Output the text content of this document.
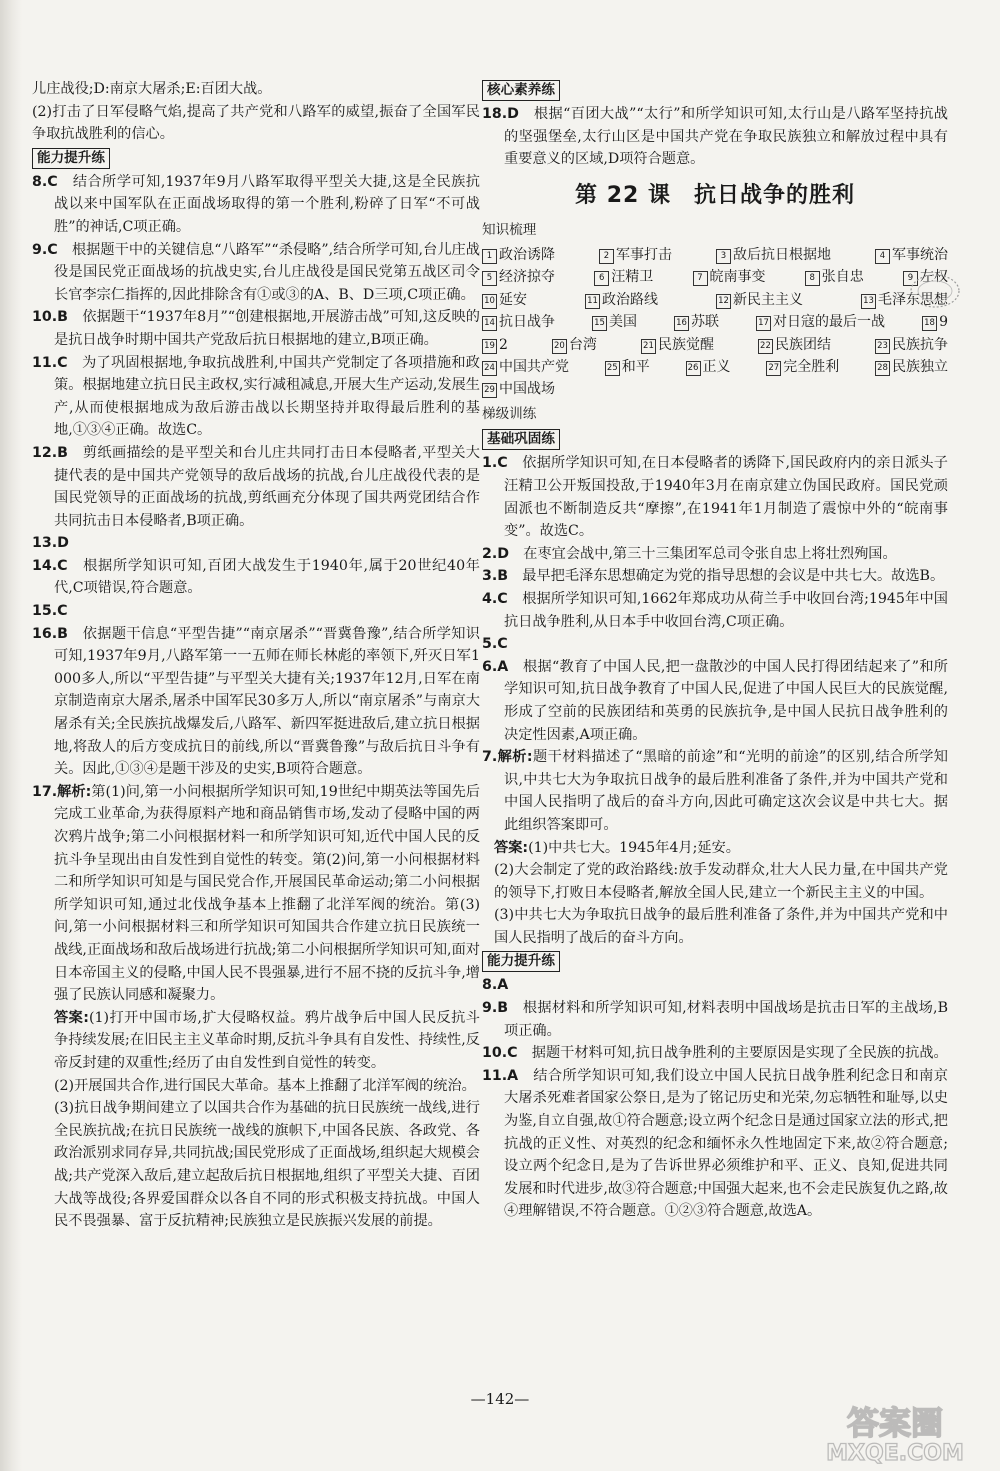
儿庄战役;D:南京大屠杀;E:百团大战。

(2)打击了日军侵略气焰,提高了共产党和八路军的威望,振奋了全国军民争取抗战胜利的信心。

能力提升练

8.C　 结合所学可知,1937年9月八路军取得平型关大捷,这是全民族抗战以来中国军队在正面战场取得的第一个胜利,粉碎了日军“不可战胜”的神话,C项正确。

9.C　 根据题干中的关键信息“八路军”“杀侵略”,结合所学可知,台儿庄战役是国民党正面战场的抗战史实,台儿庄战役是国民党第五战区司令长官李宗仁指挥的,因此排除含有①或③的A、B、D三项,C项正确。

10.B　 依据题干“1937年8月”“创建根据地,开展游击战”可知,这反映的是抗日战争时期中国共产党敌后抗日根据地的建立,B项正确。

11.C　 为了巩固根据地,争取抗战胜利,中国共产党制定了各项措施和政策。根据地建立抗日民主政权,实行减租减息,开展大生产运动,发展生产,从而使根据地成为敌后游击战以长期坚持并取得最后胜利的基地,①③④正确。故选C。

12.B　 剪纸画描绘的是平型关和台儿庄共同打击日本侵略者,平型关大捷代表的是中国共产党领导的敌后战场的抗战,台儿庄战役代表的是国民党领导的正面战场的抗战,剪纸画充分体现了国共两党团结合作共同抗击日本侵略者,B项正确。

13.D

14.C　 根据所学知识可知,百团大战发生于1940年,属于20世纪40年代,C项错误,符合题意。

15.C

16.B　 依据题干信息“平型告捷”“南京屠杀”“晋冀鲁豫”,结合所学知识可知,1937年9月,八路军第一一五师在师长林彪的率领下,歼灭日军1 000多人,所以“平型告捷”与平型关大捷有关;1937年12月,日军在南京制造南京大屠杀,屠杀中国军民30多万人,所以“南京屠杀”与南京大屠杀有关;全民族抗战爆发后,八路军、新四军挺进敌后,建立抗日根据地,将敌人的后方变成抗日的前线,所以“晋冀鲁豫”与敌后抗日斗争有关。因此,①③④是题干涉及的史实,B项符合题意。

17.解析:第(1)问,第一小问根据所学知识可知,19世纪中期英法等国先后完成工业革命,为获得原料产地和商品销售市场,发动了侵略中国的两次鸦片战争;第二小问根据材料一和所学知识可知,近代中国人民的反抗斗争呈现出由自发性到自觉性的转变。第(2)问,第一小问根据材料二和所学知识可知是与国民党合作,开展国民革命运动;第二小问根据所学知识可知,通过北伐战争基本上推翻了北洋军阀的统治。第(3)问,第一小问根据材料三和所学知识可知国共合作建立抗日民族统一战线,正面战场和敌后战场进行抗战;第二小问根据所学知识可知,面对日本帝国主义的侵略,中国人民不畏强暴,进行不屈不挠的反抗斗争,增强了民族认同感和凝聚力。

答案:(1)打开中国市场,扩大侵略权益。鸦片战争后中国人民反抗斗争持续发展;在旧民主主义革命时期,反抗斗争具有自发性、持续性,反帝反封建的双重性;经历了由自发性到自觉性的转变。

(2)开展国共合作,进行国民大革命。基本上推翻了北洋军阀的统治。

(3)抗日战争期间建立了以国共合作为基础的抗日民族统一战线,进行全民族抗战;在抗日民族统一战线的旗帜下,中国各民族、各政党、各政治派别求同存异,共同抗战;国民党形成了正面战场,组织起大规模会战;共产党深入敌后,建立起敌后抗日根据地,组织了平型关大捷、百团大战等战役;各界爱国群众以各自不同的形式积极支持抗战。中国人民不畏强暴、富于反抗精神;民族独立是民族振兴发展的前提。

核心素养练

18.D　 根据“百团大战”“太行”和所学知识可知,太行山是八路军坚持抗战的坚强堡垒,太行山区是中国共产党在争取民族独立和解放过程中具有重要意义的区域,D项符合题意。

第 22 课　抗日战争的胜利
知识梳理
1 政治诱降	2 军事打击	3 敌后抗日根据地	4 军事统治
5 经济掠夺	6 汪精卫	7 皖南事变	8 张自忠	9 左权
10 延安	11 政治路线	12 新民主主义	13 毛泽东思想
14 抗日战争	15 美国	16 苏联	17 对日寇的最后一战	18 9
19 2	20 台湾	21 民族觉醒	22 民族团结	23 民族抗争
24 中国共产党	25 和平	26 正义	27 完全胜利	28 民族独立
29 中国战场
梯级训练
基础巩固练

1.C　 依据所学知识可知,在日本侵略者的诱降下,国民政府内的亲日派头子汪精卫公开叛国投敌,于1940年3月在南京建立伪国民政府。国民党顽固派也不断制造反共“摩擦”,在1941年1月制造了震惊中外的“皖南事变”。故选C。

2.D　 在枣宜会战中,第三十三集团军总司令张自忠上将壮烈殉国。

3.B　 最早把毛泽东思想确定为党的指导思想的会议是中共七大。故选B。

4.C　 根据所学知识可知,1662年郑成功从荷兰手中收回台湾;1945年中国抗日战争胜利,从日本手中收回台湾,C项正确。

5.C

6.A　 根据“教育了中国人民,把一盘散沙的中国人民打得团结起来了”和所学知识可知,抗日战争教育了中国人民,促进了中国人民巨大的民族觉醒,形成了空前的民族团结和英勇的民族抗争,是中国人民抗日战争胜利的决定性因素,A项正确。

7.解析:题干材料描述了“黑暗的前途”和“光明的前途”的区别,结合所学知识,中共七大为争取抗日战争的最后胜利准备了条件,并为中国共产党和中国人民指明了战后的奋斗方向,因此可确定这次会议是中共七大。据此组织答案即可。

答案:(1)中共七大。1945年4月;延安。

(2)大会制定了党的政治路线:放手发动群众,壮大人民力量,在中国共产党的领导下,打败日本侵略者,解放全国人民,建立一个新民主主义的中国。

(3)中共七大为争取抗日战争的最后胜利准备了条件,并为中国共产党和中国人民指明了战后的奋斗方向。

能力提升练

8.A

9.B　 根据材料和所学知识可知,材料表明中国战场是抗击日军的主战场,B项正确。

10.C　 据题干材料可知,抗日战争胜利的主要原因是实现了全民族的抗战。

11.A　 结合所学知识可知,我们设立中国人民抗日战争胜利纪念日和南京大屠杀死难者国家公祭日,是为了铭记历史和光荣,勿忘牺牲和耻辱,以史为鉴,自立自强,故①符合题意;设立两个纪念日是通过国家立法的形式,把抗战的正义性、对英烈的纪念和缅怀永久性地固定下来,故②符合题意;设立两个纪念日,是为了告诉世界必须维护和平、正义、良知,促进共同发展和时代进步,故③符合题意;中国强大起来,也不会走民族复仇之路,故④理解错误,不符合题意。①②③符合题意,故选A。

—142—
答案圈
MXQE.COM
